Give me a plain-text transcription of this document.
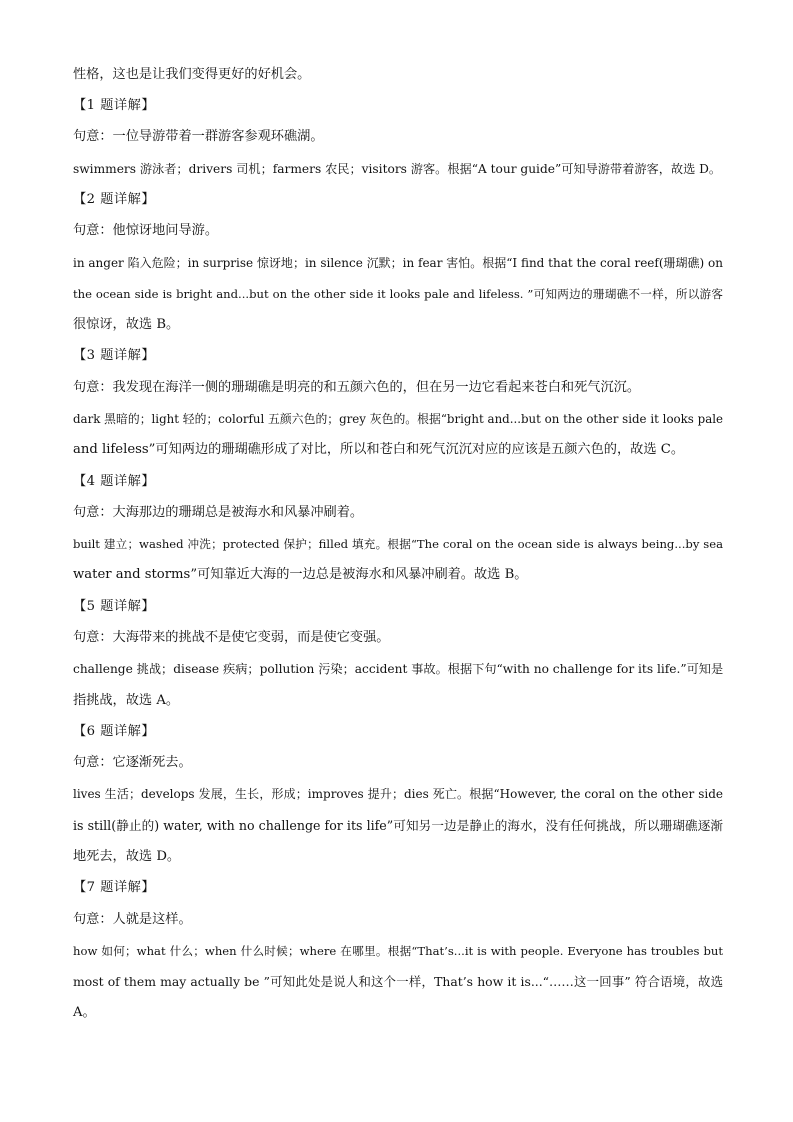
性格，这也是让我们变得更好的好机会。
【1 题详解】
句意：一位导游带着一群游客参观环礁湖。
swimmers 游泳者；drivers 司机；farmers 农民；visitors 游客。根据“A tour guide”可知导游带着游客，故选 D。
【2 题详解】
句意：他惊讶地问导游。
in anger 陷入危险；in surprise 惊讶地；in silence 沉默；in fear 害怕。根据“I find that the coral reef(珊瑚礁) on
the ocean side is bright and...but on the other side it looks pale and lifeless. ”可知两边的珊瑚礁不一样，所以游客
很惊讶，故选 B。
【3 题详解】
句意：我发现在海洋一侧的珊瑚礁是明亮的和五颜六色的，但在另一边它看起来苍白和死气沉沉。
dark 黑暗的；light 轻的；colorful 五颜六色的；grey 灰色的。根据“bright and...but on the other side it looks pale
and lifeless”可知两边的珊瑚礁形成了对比，所以和苍白和死气沉沉对应的应该是五颜六色的，故选 C。
【4 题详解】
句意：大海那边的珊瑚总是被海水和风暴冲刷着。
built 建立；washed 冲洗；protected 保护；filled 填充。根据“The coral on the ocean side is always being...by sea
water and storms”可知靠近大海的一边总是被海水和风暴冲刷着。故选 B。
【5 题详解】
句意：大海带来的挑战不是使它变弱，而是使它变强。
challenge 挑战；disease 疾病；pollution 污染；accident 事故。根据下句“with no challenge for its life.”可知是
指挑战，故选 A。
【6 题详解】
句意：它逐渐死去。
lives 生活；develops 发展，生长，形成；improves 提升；dies 死亡。根据“However, the coral on the other side
is still(静止的) water, with no challenge for its life”可知另一边是静止的海水，没有任何挑战，所以珊瑚礁逐渐
地死去，故选 D。
【7 题详解】
句意：人就是这样。
how 如何；what 什么；when 什么时候；where 在哪里。根据“That’s...it is with people. Everyone has troubles but
most of them may actually be ”可知此处是说人和这个一样，That’s how it is...“……这一回事” 符合语境，故选
A。
